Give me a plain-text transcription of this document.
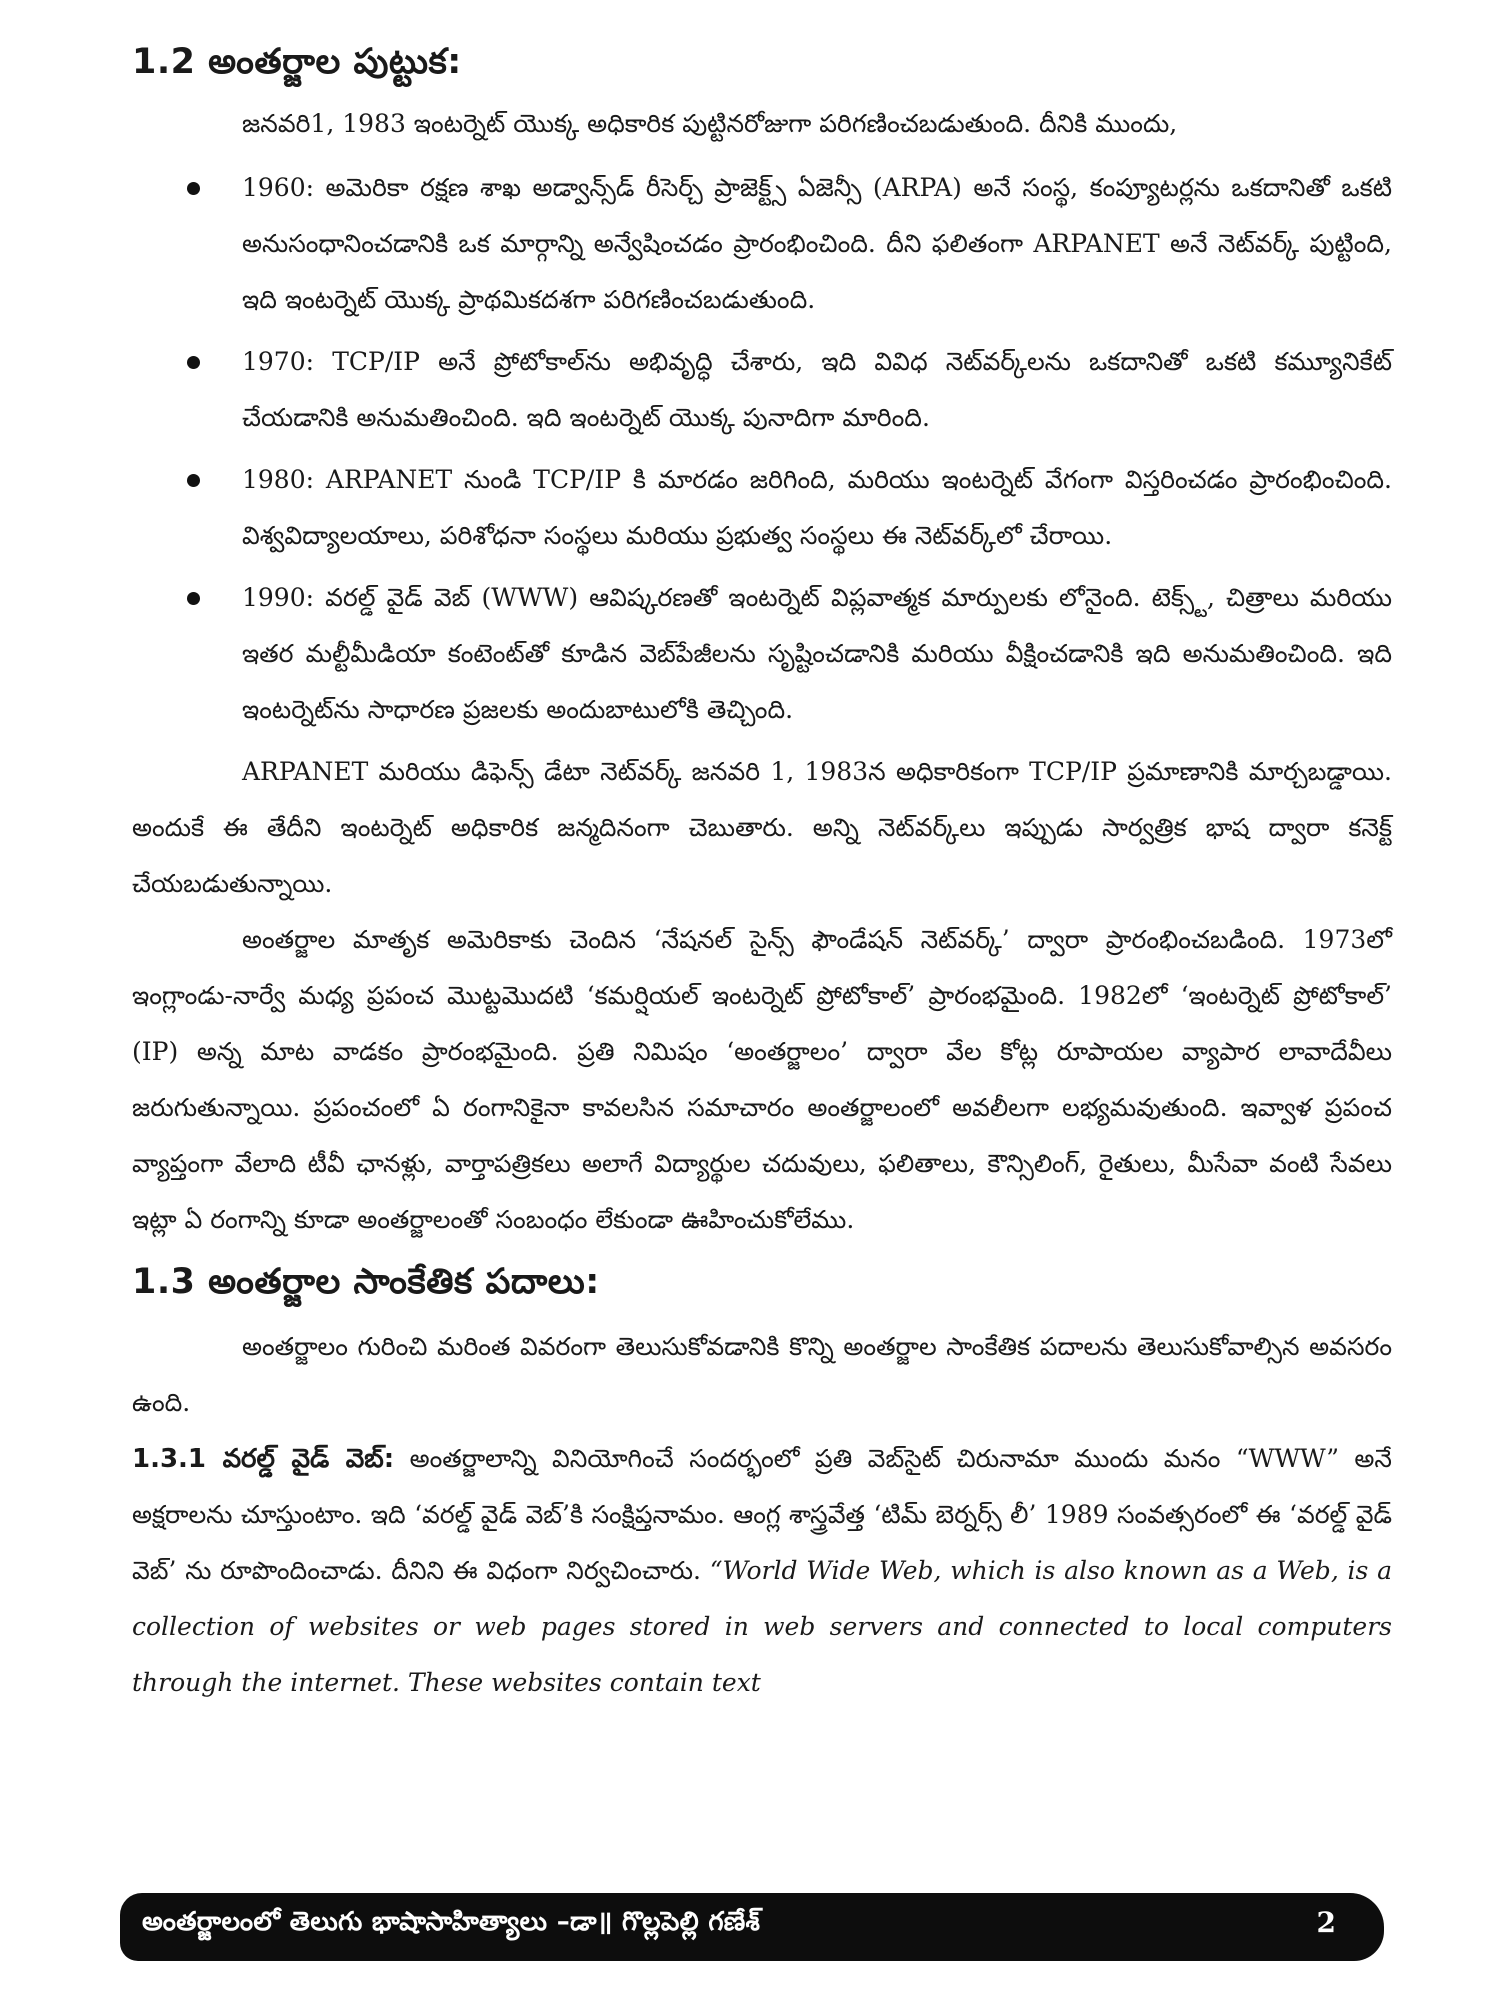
1.2 అంతర్జాల పుట్టుక:

జనవరి1, 1983 ఇంటర్నెట్ యొక్క అధికారిక పుట్టినరోజుగా పరిగణించబడుతుంది. దీనికి ముందు,

1960: అమెరికా రక్షణ శాఖ అడ్వాన్స్‌డ్ రీసెర్చ్ ప్రాజెక్ట్స్ ఏజెన్సీ (ARPA) అనే సంస్థ, కంప్యూటర్లను ఒకదానితో ఒకటి అనుసంధానించడానికి ఒక మార్గాన్ని అన్వేషించడం ప్రారంభించింది. దీని ఫలితంగా ARPANET అనే నెట్‌వర్క్ పుట్టింది, ఇది ఇంటర్నెట్ యొక్క ప్రాథమికదశగా పరిగణించబడుతుంది.
1970: TCP/IP అనే ప్రోటోకాల్‌ను అభివృద్ధి చేశారు, ఇది వివిధ నెట్‌వర్క్‌లను ఒకదానితో ఒకటి కమ్యూనికేట్ చేయడానికి అనుమతించింది. ఇది ఇంటర్నెట్ యొక్క పునాదిగా మారింది.
1980: ARPANET నుండి TCP/IP కి మారడం జరిగింది, మరియు ఇంటర్నెట్ వేగంగా విస్తరించడం ప్రారంభించింది. విశ్వవిద్యాలయాలు, పరిశోధనా సంస్థలు మరియు ప్రభుత్వ సంస్థలు ఈ నెట్‌వర్క్‌లో చేరాయి.
1990: వరల్డ్ వైడ్ వెబ్ (WWW) ఆవిష్కరణతో ఇంటర్నెట్ విప్లవాత్మక మార్పులకు లోనైంది. టెక్స్ట్, చిత్రాలు మరియు ఇతర మల్టీమీడియా కంటెంట్‌తో కూడిన వెబ్‌పేజీలను సృష్టించడానికి మరియు వీక్షించడానికి ఇది అనుమతించింది. ఇది ఇంటర్నెట్‌ను సాధారణ ప్రజలకు అందుబాటులోకి తెచ్చింది.

ARPANET మరియు డిఫెన్స్ డేటా నెట్‌వర్క్ జనవరి 1, 1983న అధికారికంగా TCP/IP ప్రమాణానికి మార్చబడ్డాయి. అందుకే ఈ తేదీని ఇంటర్నెట్ అధికారిక జన్మదినంగా చెబుతారు. అన్ని నెట్‌వర్క్‌లు ఇప్పుడు సార్వత్రిక భాష ద్వారా కనెక్ట్ చేయబడుతున్నాయి.

అంతర్జాల మాతృక అమెరికాకు చెందిన ‘నేషనల్ సైన్స్ ఫౌండేషన్ నెట్‌వర్క్’ ద్వారా ప్రారంభించబడింది. 1973లో ఇంగ్లాండు-నార్వే మధ్య ప్రపంచ మొట్టమొదటి ‘కమర్షియల్ ఇంటర్నెట్ ప్రోటోకాల్’ ప్రారంభమైంది. 1982లో ‘ఇంటర్నెట్ ప్రోటోకాల్’ (IP) అన్న మాట వాడకం ప్రారంభమైంది. ప్రతి నిమిషం ‘అంతర్జాలం’ ద్వారా వేల కోట్ల రూపాయల వ్యాపార లావాదేవీలు జరుగుతున్నాయి. ప్రపంచంలో ఏ రంగానికైనా కావలసిన సమాచారం అంతర్జాలంలో అవలీలగా లభ్యమవుతుంది. ఇవ్వాళ ప్రపంచ వ్యాప్తంగా వేలాది టీవీ ఛానళ్లు, వార్తాపత్రికలు అలాగే విద్యార్థుల చదువులు, ఫలితాలు, కౌన్సిలింగ్, రైతులు, మీసేవా వంటి సేవలు ఇట్లా ఏ రంగాన్ని కూడా అంతర్జాలంతో సంబంధం లేకుండా ఊహించుకోలేము.

1.3 అంతర్జాల సాంకేతిక పదాలు:

అంతర్జాలం గురించి మరింత వివరంగా తెలుసుకోవడానికి కొన్ని అంతర్జాల సాంకేతిక పదాలను తెలుసుకోవాల్సిన అవసరం ఉంది.

1.3.1 వరల్డ్ వైడ్ వెబ్: అంతర్జాలాన్ని వినియోగించే సందర్భంలో ప్రతి వెబ్‌సైట్ చిరునామా ముందు మనం “WWW” అనే అక్షరాలను చూస్తుంటాం. ఇది ‘వరల్డ్ వైడ్ వెబ్’కి సంక్షిప్తనామం. ఆంగ్ల శాస్త్రవేత్త ‘టిమ్ బెర్నర్స్ లీ’ 1989 సంవత్సరంలో ఈ ‘వరల్డ్ వైడ్ వెబ్’ ను రూపొందించాడు. దీనిని ఈ విధంగా నిర్వచించారు. “World Wide Web, which is also known as a Web, is a collection of websites or web pages stored in web servers and connected to local computers through the internet. These websites contain text

అంతర్జాలంలో తెలుగు భాషాసాహిత్యాలు –డా॥ గొల్లపెల్లి గణేశ్	2
